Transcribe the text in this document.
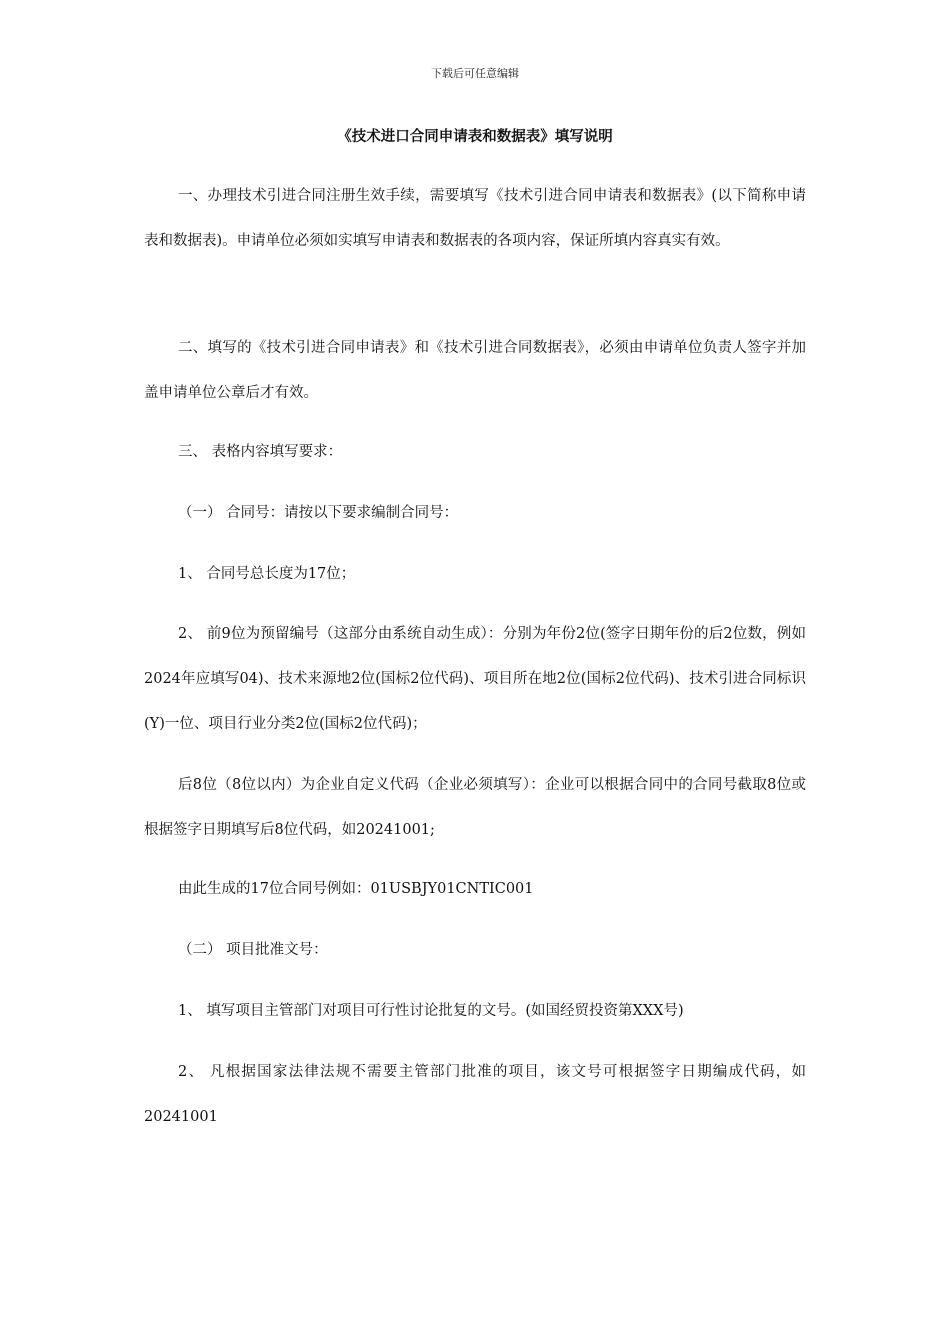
下载后可任意编辑
《技术进口合同申请表和数据表》填写说明

一、办理技术引进合同注册生效手续，需要填写《技术引进合同申请表和数据表》(以下简称申请表和数据表)。申请单位必须如实填写申请表和数据表的各项内容，保证所填内容真实有效。

二、填写的《技术引进合同申请表》和《技术引进合同数据表》，必须由申请单位负责人签字并加盖申请单位公章后才有效。

三、 表格内容填写要求：

（一） 合同号：请按以下要求编制合同号：

1、 合同号总长度为17位；

2、 前9位为预留编号（这部分由系统自动生成）：分别为年份2位(签字日期年份的后2位数，例如2024年应填写04)、技术来源地2位(国标2位代码)、项目所在地2位(国标2位代码)、技术引进合同标识(Y)一位、项目行业分类2位(国标2位代码)；

后8位（8位以内）为企业自定义代码（企业必须填写）：企业可以根据合同中的合同号截取8位或根据签字日期填写后8位代码，如20241001;

由此生成的17位合同号例如：01USBJY01CNTIC001

（二） 项目批准文号：

1、 填写项目主管部门对项目可行性讨论批复的文号。(如国经贸投资第XXX号)

2、 凡根据国家法律法规不需要主管部门批准的项目，该文号可根据签字日期编成代码，如20241001
